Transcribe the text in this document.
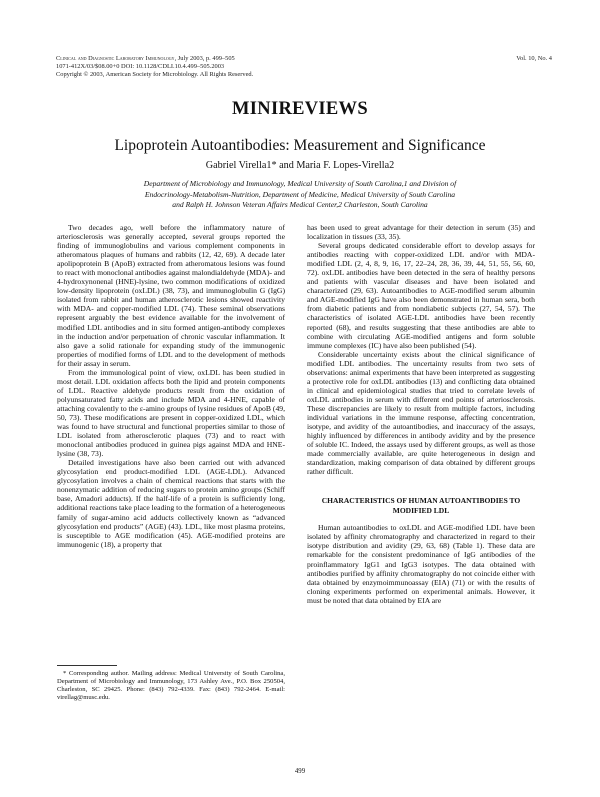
Clinical and Diagnostic Laboratory Immunology, July 2003, p. 499–505
1071-412X/03/$08.00+0 DOI: 10.1128/CDLI.10.4.499–505.2003
Copyright © 2003, American Society for Microbiology. All Rights Reserved.
Vol. 10, No. 4
MINIREVIEWS
Lipoprotein Autoantibodies: Measurement and Significance
Gabriel Virella1* and Maria F. Lopes-Virella2
Department of Microbiology and Immunology, Medical University of South Carolina,1 and Division of
Endocrinology-Metabolism-Nutrition, Department of Medicine, Medical University of South Carolina
and Ralph H. Johnson Veteran Affairs Medical Center,2 Charleston, South Carolina

Two decades ago, well before the inflammatory nature of arteriosclerosis was generally accepted, several groups reported the finding of immunoglobulins and various complement components in atheromatous plaques of humans and rabbits (12, 42, 69). A decade later apolipoprotein B (ApoB) extracted from atheromatous lesions was found to react with monoclonal antibodies against malondialdehyde (MDA)- and 4-hydroxynonenal (HNE)-lysine, two common modifications of oxidized low-density lipoprotein (oxLDL) (38, 73), and immunoglobulin G (IgG) isolated from rabbit and human atherosclerotic lesions showed reactivity with MDA- and copper-modified LDL (74). These seminal observations represent arguably the best evidence available for the involvement of modified LDL antibodies and in situ formed antigen-antibody complexes in the induction and/or perpetuation of chronic vascular inflammation. It also gave a solid rationale for expanding study of the immunogenic properties of modified forms of LDL and to the development of methods for their assay in serum.

From the immunological point of view, oxLDL has been studied in most detail. LDL oxidation affects both the lipid and protein components of LDL. Reactive aldehyde products result from the oxidation of polyunsaturated fatty acids and include MDA and 4-HNE, capable of attaching covalently to the ε-amino groups of lysine residues of ApoB (49, 50, 73). These modifications are present in copper-oxidized LDL, which was found to have structural and functional properties similar to those of LDL isolated from atherosclerotic plaques (73) and to react with monoclonal antibodies produced in guinea pigs against MDA and HNE-lysine (38, 73).

Detailed investigations have also been carried out with advanced glycosylation end product-modified LDL (AGE-LDL). Advanced glycosylation involves a chain of chemical reactions that starts with the nonenzymatic addition of reducing sugars to protein amino groups (Schiff base, Amadori adducts). If the half-life of a protein is sufficiently long, additional reactions take place leading to the formation of a heterogeneous family of sugar-amino acid adducts collectively known as “advanced glycosylation end products” (AGE) (43). LDL, like most plasma proteins, is susceptible to AGE modification (45). AGE-modified proteins are immunogenic (18), a property that

has been used to great advantage for their detection in serum (35) and localization in tissues (33, 35).

Several groups dedicated considerable effort to develop assays for antibodies reacting with copper-oxidized LDL and/or with MDA-modified LDL (2, 4, 8, 9, 16, 17, 22–24, 28, 36, 39, 44, 51, 55, 56, 60, 72). oxLDL antibodies have been detected in the sera of healthy persons and patients with vascular diseases and have been isolated and characterized (29, 63). Autoantibodies to AGE-modified serum albumin and AGE-modified IgG have also been demonstrated in human sera, both from diabetic patients and from nondiabetic subjects (27, 54, 57). The characteristics of isolated AGE-LDL antibodies have been recently reported (68), and results suggesting that these antibodies are able to combine with circulating AGE-modified antigens and form soluble immune complexes (IC) have also been published (54).

Considerable uncertainty exists about the clinical significance of modified LDL antibodies. The uncertainty results from two sets of observations: animal experiments that have been interpreted as suggesting a protective role for oxLDL antibodies (13) and conflicting data obtained in clinical and epidemiological studies that tried to correlate levels of oxLDL antibodies in serum with different end points of arteriosclerosis. These discrepancies are likely to result from multiple factors, including individual variations in the immune response, affecting concentration, isotype, and avidity of the autoantibodies, and inaccuracy of the assays, highly influenced by differences in antibody avidity and by the presence of soluble IC. Indeed, the assays used by different groups, as well as those made commercially available, are quite heterogeneous in design and standardization, making comparison of data obtained by different groups rather difficult.

CHARACTERISTICS OF HUMAN AUTOANTIBODIES TO MODIFIED LDL

Human autoantibodies to oxLDL and AGE-modified LDL have been isolated by affinity chromatography and characterized in regard to their isotype distribution and avidity (29, 63, 68) (Table 1). These data are remarkable for the consistent predominance of IgG antibodies of the proinflammatory IgG1 and IgG3 isotypes. The data obtained with antibodies purified by affinity chromatography do not coincide either with data obtained by enzymoimmunoassay (EIA) (71) or with the results of cloning experiments performed on experimental animals. However, it must be noted that data obtained by EIA are

* Corresponding author. Mailing address: Medical University of South Carolina, Department of Microbiology and Immunology, 173 Ashley Ave., P.O. Box 250504, Charleston, SC 29425. Phone: (843) 792-4339. Fax: (843) 792-2464. E-mail: virellag@musc.edu.

499
